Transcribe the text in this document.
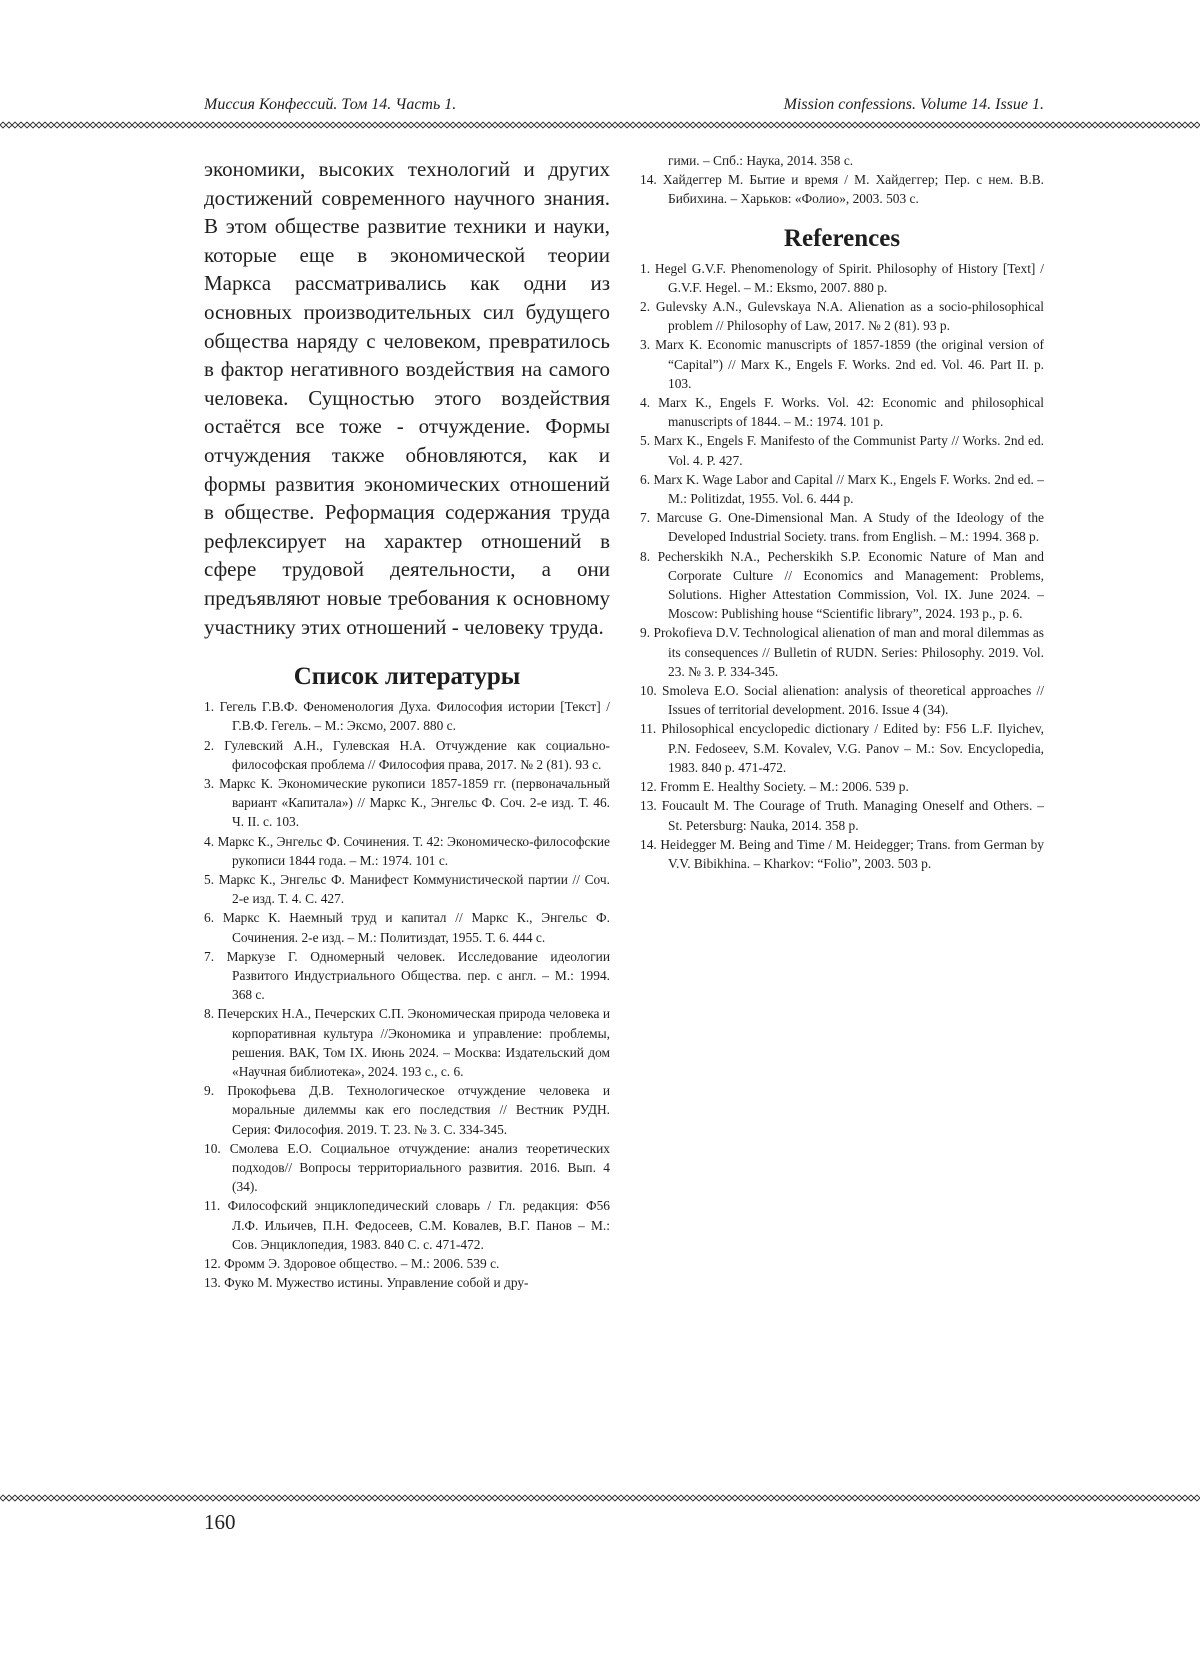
Миссия Конфессий. Том 14. Часть 1.	Mission confessions. Volume 14. Issue 1.

экономики, высоких технологий и других достижений современного научного знания. В этом обществе развитие техники и науки, которые еще в экономической теории Маркса рассматривались как одни из основных производительных сил будущего общества наряду с человеком, превратилось в фактор негативного воздействия на самого человека. Сущностью этого воздействия остаётся все тоже - отчуждение. Формы отчуждения также обновляются, как и формы развития экономических отношений в обществе. Реформация содержания труда рефлексирует на характер отношений в сфере трудовой деятельности, а они предъявляют новые требования к основному участнику этих отношений - человеку труда.

Список литературы
1. Гегель Г.В.Ф. Феноменология Духа. Философия истории [Текст] / Г.В.Ф. Гегель. – М.: Эксмо, 2007. 880 с.
2. Гулевский А.Н., Гулевская Н.А. Отчуждение как социально-философская проблема // Философия права, 2017. № 2 (81). 93 с.
3. Маркс К. Экономические рукописи 1857-1859 гг. (первоначальный вариант «Капитала») // Маркс К., Энгельс Ф. Соч. 2-е изд. Т. 46. Ч. II. с. 103.
4. Маркс К., Энгельс Ф. Сочинения. Т. 42: Экономическо-философские рукописи 1844 года. – М.: 1974. 101 с.
5. Маркс К., Энгельс Ф. Манифест Коммунистической партии // Соч. 2-е изд. Т. 4. С. 427.
6. Маркс К. Наемный труд и капитал // Маркс К., Энгельс Ф. Сочинения. 2-е изд. – М.: Политиздат, 1955. Т. 6. 444 с.
7. Маркузе Г. Одномерный человек. Исследование идеологии Развитого Индустриального Общества. пер. с англ. – М.: 1994. 368 с.
8. Печерских Н.А., Печерских С.П. Экономическая природа человека и корпоративная культура //Экономика и управление: проблемы, решения. ВАК, Том IX. Июнь 2024. – Москва: Издательский дом «Научная библиотека», 2024. 193 с., с. 6.
9. Прокофьева Д.В. Технологическое отчуждение человека и моральные дилеммы как его последствия // Вестник РУДН. Серия: Философия. 2019. Т. 23. № 3. С. 334-345.
10. Смолева Е.О. Социальное отчуждение: анализ теоретических подходов// Вопросы территориального развития. 2016. Вып. 4 (34).
11. Философский энциклопедический словарь / Гл. редакция: Ф56 Л.Ф. Ильичев, П.Н. Федосеев, С.М. Ковалев, В.Г. Панов – М.: Сов. Энциклопедия, 1983. 840 С. с. 471-472.
12. Фромм Э. Здоровое общество. – М.: 2006. 539 с.
13. Фуко М. Мужество истины. Управление собой и дру-

гими. – Спб.: Наука, 2014. 358 с.

14. Хайдеггер М. Бытие и время / М. Хайдеггер; Пер. с нем. В.В. Бибихина. – Харьков: «Фолио», 2003. 503 с.
References
1. Hegel G.V.F. Phenomenology of Spirit. Philosophy of History [Text] / G.V.F. Hegel. – M.: Eksmo, 2007. 880 p.
2. Gulevsky A.N., Gulevskaya N.A. Alienation as a socio-philosophical problem // Philosophy of Law, 2017. № 2 (81). 93 p.
3. Marx K. Economic manuscripts of 1857-1859 (the original version of “Capital”) // Marx K., Engels F. Works. 2nd ed. Vol. 46. Part II. p. 103.
4. Marx K., Engels F. Works. Vol. 42: Economic and philosophical manuscripts of 1844. – M.: 1974. 101 p.
5. Marx K., Engels F. Manifesto of the Communist Party // Works. 2nd ed. Vol. 4. P. 427.
6. Marx K. Wage Labor and Capital // Marx K., Engels F. Works. 2nd ed. – M.: Politizdat, 1955. Vol. 6. 444 p.
7. Marcuse G. One-Dimensional Man. A Study of the Ideology of the Developed Industrial Society. trans. from English. – M.: 1994. 368 p.
8. Pecherskikh N.A., Pecherskikh S.P. Economic Nature of Man and Corporate Culture // Economics and Management: Problems, Solutions. Higher Attestation Commission, Vol. IX. June 2024. – Moscow: Publishing house “Scientific library”, 2024. 193 p., p. 6.
9. Prokofieva D.V. Technological alienation of man and moral dilemmas as its consequences // Bulletin of RUDN. Series: Philosophy. 2019. Vol. 23. № 3. P. 334-345.
10. Smoleva E.O. Social alienation: analysis of theoretical approaches // Issues of territorial development. 2016. Issue 4 (34).
11. Philosophical encyclopedic dictionary / Edited by: F56 L.F. Ilyichev, P.N. Fedoseev, S.M. Kovalev, V.G. Panov – M.: Sov. Encyclopedia, 1983. 840 p. 471-472.
12. Fromm E. Healthy Society. – M.: 2006. 539 p.
13. Foucault M. The Courage of Truth. Managing Oneself and Others. – St. Petersburg: Nauka, 2014. 358 p.
14. Heidegger M. Being and Time / M. Heidegger; Trans. from German by V.V. Bibikhina. – Kharkov: “Folio”, 2003. 503 p.
160
